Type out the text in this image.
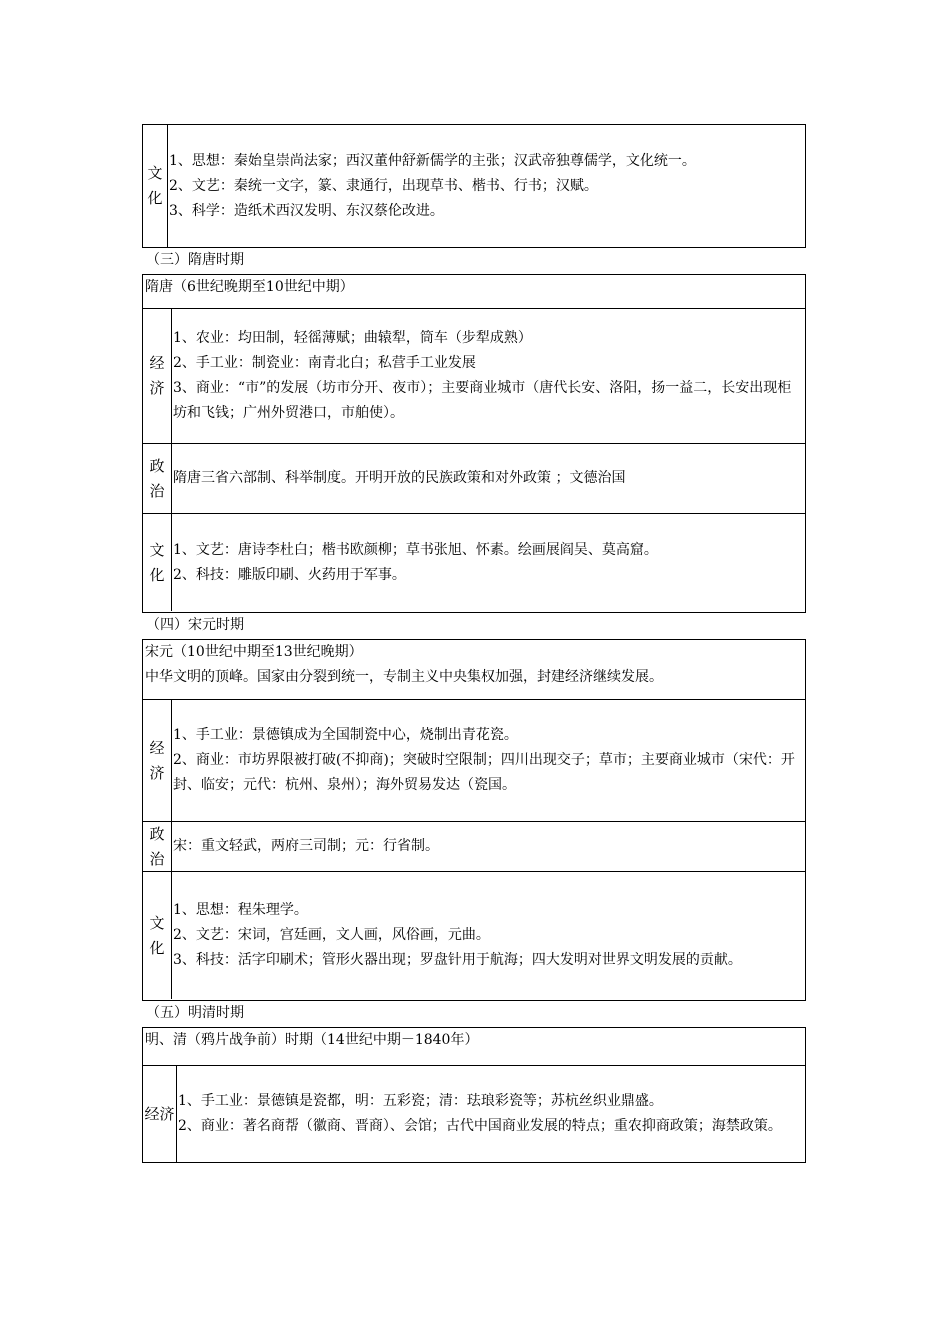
文化
1、思想：秦始皇崇尚法家；西汉董仲舒新儒学的主张；汉武帝独尊儒学，文化统一。
2、文艺：秦统一文字，篆、隶通行，出现草书、楷书、行书；汉赋。
3、科学：造纸术西汉发明、东汉蔡伦改进。
（三）隋唐时期
隋唐（6世纪晚期至10世纪中期）
经济
1、农业：均田制，轻徭薄赋；曲辕犁，筒车（步犁成熟）
2、手工业：制瓷业：南青北白；私营手工业发展
3、商业：“市”的发展（坊市分开、夜市）；主要商业城市（唐代长安、洛阳，扬一益二，长安出现柜坊和飞钱；广州外贸港口，市舶使）。
政治
隋唐三省六部制、科举制度。开明开放的民族政策和对外政策 ；文德治国
文化
1、文艺：唐诗李杜白；楷书欧颜柳；草书张旭、怀素。绘画展阎吴、莫高窟。
2、科技：雕版印刷、火药用于军事。
（四）宋元时期
宋元（10世纪中期至13世纪晚期）
中华文明的顶峰。国家由分裂到统一，专制主义中央集权加强，封建经济继续发展。
经济
1、手工业：景德镇成为全国制瓷中心，烧制出青花瓷。
2、商业：市坊界限被打破(不抑商)；突破时空限制；四川出现交子；草市；主要商业城市（宋代：开封、临安；元代：杭州、泉州）；海外贸易发达（瓷国。
政治
宋：重文轻武，两府三司制；元：行省制。
文化
1、思想：程朱理学。
2、文艺：宋词，宫廷画，文人画，风俗画，元曲。
3、科技：活字印刷术；管形火器出现；罗盘针用于航海；四大发明对世界文明发展的贡献。
（五）明清时期
明、清（鸦片战争前）时期（14世纪中期－1840年）
经济
1、手工业：景德镇是瓷都，明：五彩瓷；清：珐琅彩瓷等；苏杭丝织业鼎盛。
2、商业：著名商帮（徽商、晋商）、会馆；古代中国商业发展的特点；重农抑商政策；海禁政策。
